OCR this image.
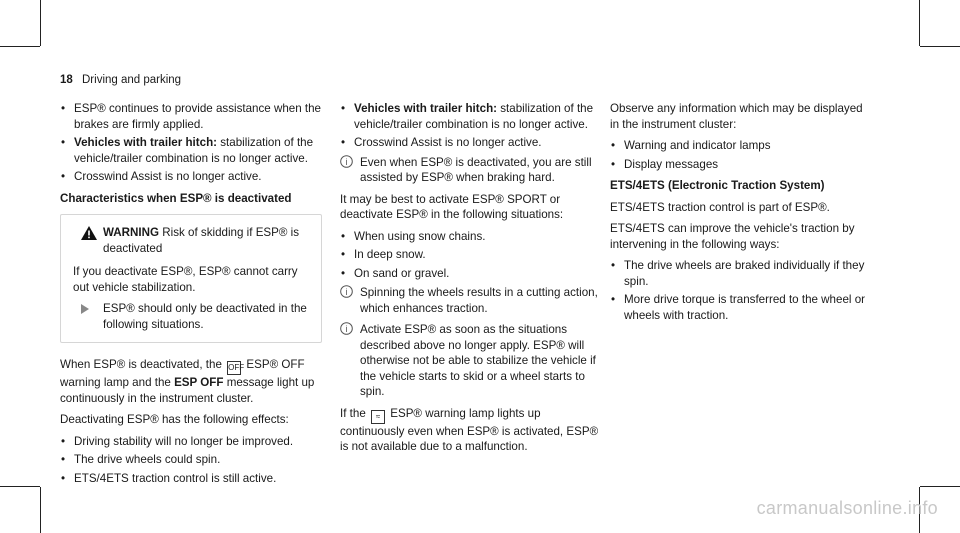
18 Driving and parking
• ESP® continues to provide assistance when the brakes are firmly applied.
• Vehicles with trailer hitch: stabilization of the vehicle/trailer combination is no longer active.
• Crosswind Assist is no longer active.
Characteristics when ESP® is deactivated
WARNING Risk of skidding if ESP® is deactivated

If you deactivate ESP®, ESP® cannot carry out vehicle stabilization.

ESP® should only be deactivated in the following situations.

When ESP® is deactivated, the OFF ESP® OFF warning lamp and the ESP OFF message light up continuously in the instrument cluster.

Deactivating ESP® has the following effects:

• Driving stability will no longer be improved.
• The drive wheels could spin.
• ETS/4ETS traction control is still active.
• Vehicles with trailer hitch: stabilization of the vehicle/trailer combination is no longer active.
• Crosswind Assist is no longer active.
i Even when ESP® is deactivated, you are still assisted by ESP® when braking hard.

It may be best to activate ESP® SPORT or deactivate ESP® in the following situations:

• When using snow chains.
• In deep snow.
• On sand or gravel.
i Spinning the wheels results in a cutting action, which enhances traction.
i Activate ESP® as soon as the situations described above no longer apply. ESP® will otherwise not be able to stabilize the vehicle if the vehicle starts to skid or a wheel starts to spin.

If the ≈ ESP® warning lamp lights up continuously even when ESP® is activated, ESP® is not available due to a malfunction.

Observe any information which may be displayed in the instrument cluster:

• Warning and indicator lamps
• Display messages
ETS/4ETS (Electronic Traction System)

ETS/4ETS traction control is part of ESP®.

ETS/4ETS can improve the vehicle's traction by intervening in the following ways:

• The drive wheels are braked individually if they spin.
• More drive torque is transferred to the wheel or wheels with traction.
carmanualsonline.info
